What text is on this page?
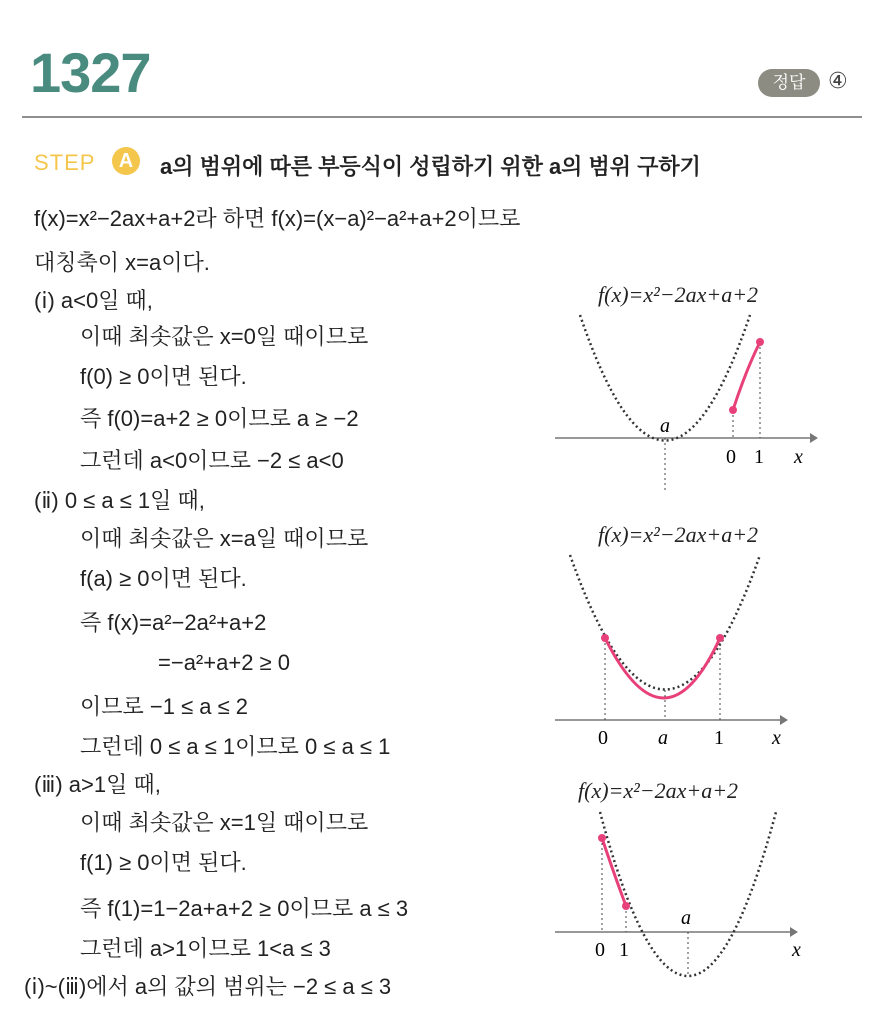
1327	정답	④
STEP	A	a의 범위에 따른 부등식이 성립하기 위한 a의 범위 구하기
f(x)=x²−2ax+a+2라 하면 f(x)=(x−a)²−a²+a+2이므로
대칭축이 x=a이다.
(ⅰ) a<0일 때,
이때 최솟값은 x=0일 때이므로
f(0) ≥ 0이면 된다.
즉 f(0)=a+2 ≥ 0이므로 a ≥ −2
그런데 a<0이므로 −2 ≤ a<0
(ⅱ) 0 ≤ a ≤ 1일 때,
이때 최솟값은 x=a일 때이므로
f(a) ≥ 0이면 된다.
즉 f(x)=a²−2a²+a+2
=−a²+a+2 ≥ 0
이므로 −1 ≤ a ≤ 2
그런데 0 ≤ a ≤ 1이므로 0 ≤ a ≤ 1
(ⅲ) a>1일 때,
이때 최솟값은 x=1일 때이므로
f(1) ≥ 0이면 된다.
즉 f(1)=1−2a+a+2 ≥ 0이므로 a ≤ 3
그런데 a>1이므로 1<a ≤ 3
(ⅰ)~(ⅲ)에서 a의 값의 범위는 −2 ≤ a ≤ 3
f(x)=x²−2ax+a+2
a
0 1 x
f(x)=x²−2ax+a+2
0	a 1 x
f(x)=x²−2ax+a+2
0 1
a
x
